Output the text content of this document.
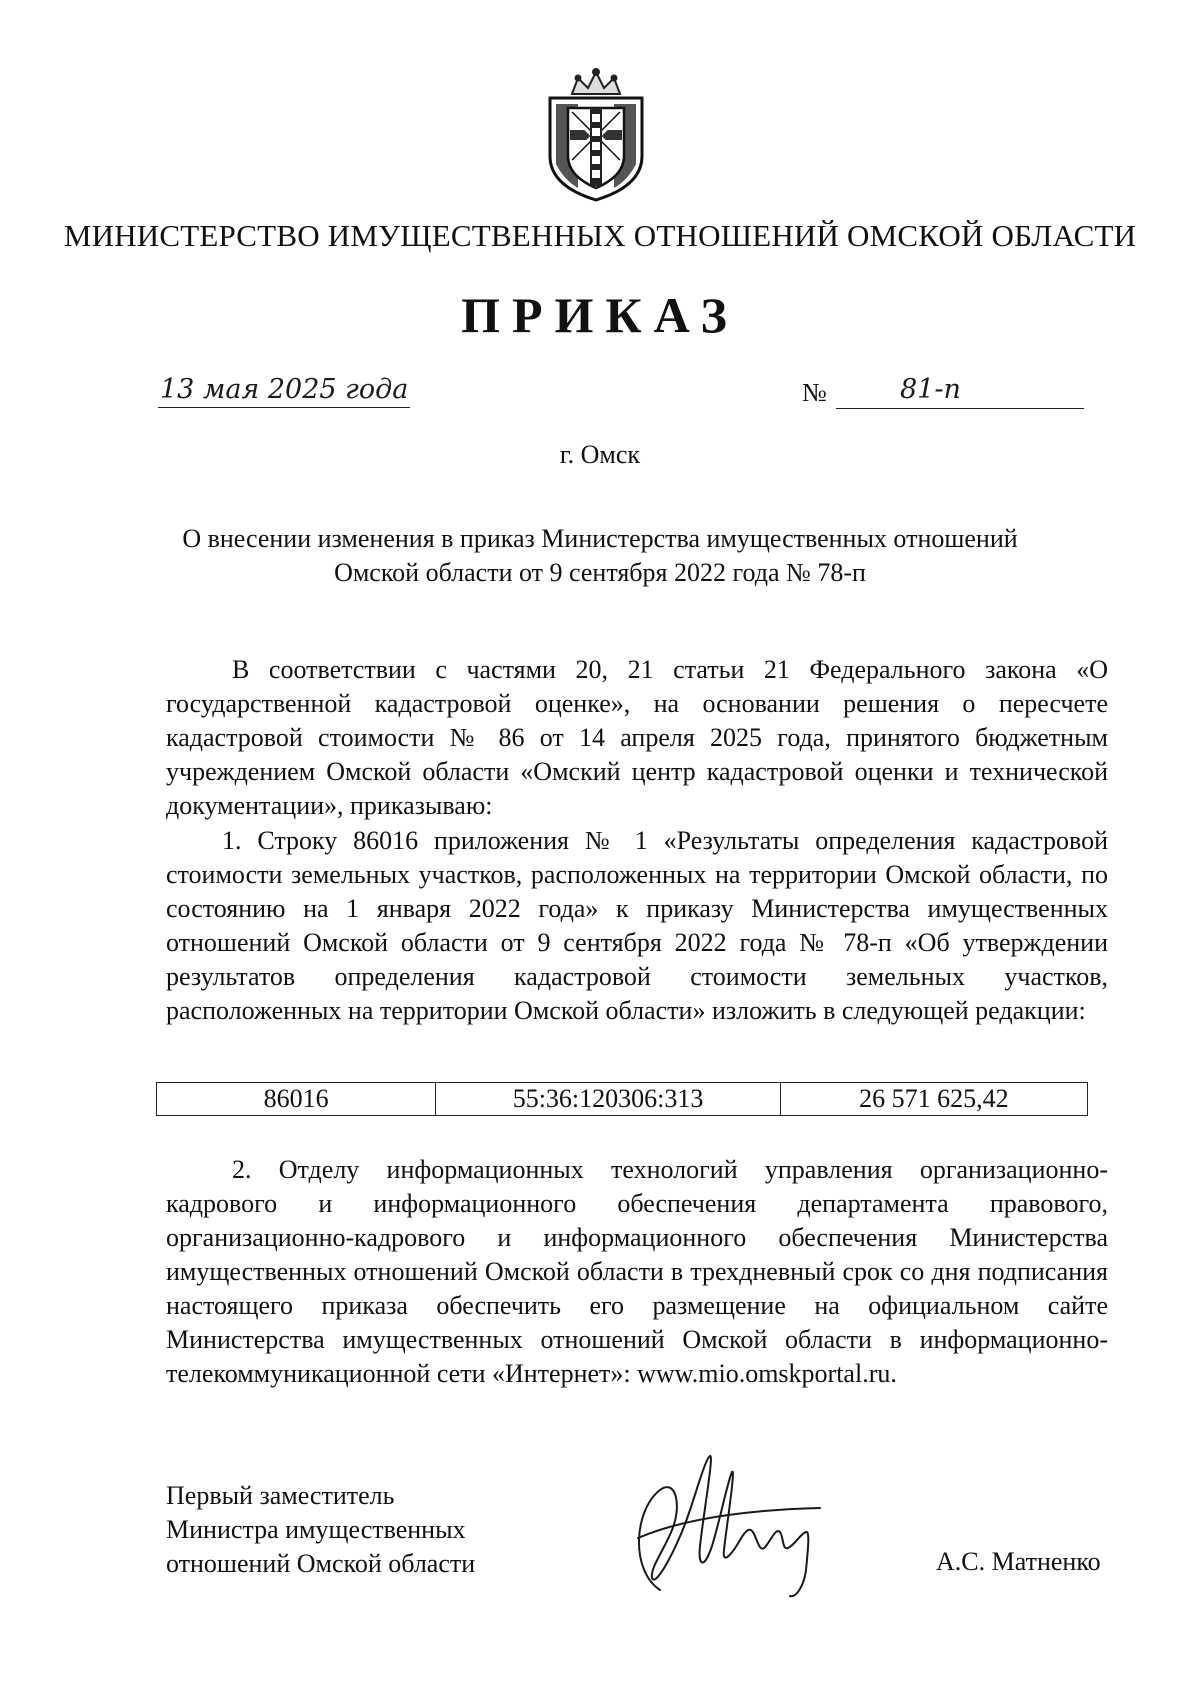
МИНИСТЕРСТВО ИМУЩЕСТВЕННЫХ ОТНОШЕНИЙ ОМСКОЙ ОБЛАСТИ
ПРИКАЗ
13 мая 2025 года	№	81-п
г. Омск
О внесении изменения в приказ Министерства имущественных отношений
Омской области от 9 сентября 2022 года № 78-п
В соответствии с частями 20, 21 статьи 21 Федерального закона «О государственной кадастровой оценке», на основании решения о пересчете кадастровой стоимости № 86 от 14 апреля 2025 года, принятого бюджетным учреждением Омской области «Омский центр кадастровой оценки и технической документации», приказываю:
1. Строку 86016 приложения № 1 «Результаты определения кадастровой стоимости земельных участков, расположенных на территории Омской области, по состоянию на 1 января 2022 года» к приказу Министерства имущественных отношений Омской области от 9 сентября 2022 года № 78-п «Об утверждении результатов определения кадастровой стоимости земельных участков, расположенных на территории Омской области» изложить в следующей редакции:
86016	55:36:120306:313	26 571 625,42
2. Отделу информационных технологий управления организационно-кадрового и информационного обеспечения департамента правового, организационно-кадрового и информационного обеспечения Министерства имущественных отношений Омской области в трехдневный срок со дня подписания настоящего приказа обеспечить его размещение на официальном сайте Министерства имущественных отношений Омской области в информационно-телекоммуникационной сети «Интернет»: www.mio.omskportal.ru.
Первый заместитель
Министра имущественных
отношений Омской области	А.С. Матненко
